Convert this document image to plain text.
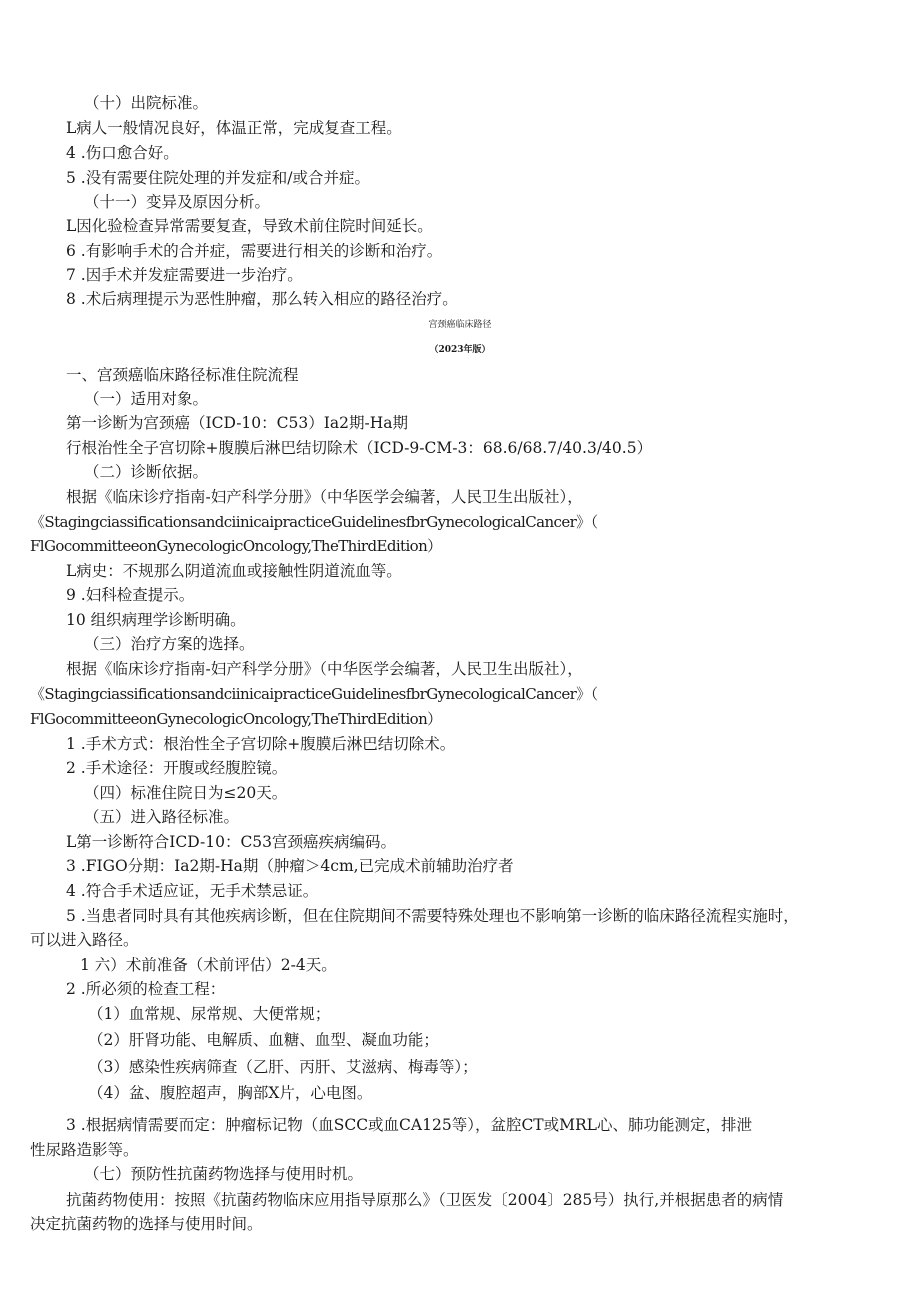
（十）出院标准。
L病人一般情况良好，体温正常，完成复查工程。
4 .伤口愈合好。
5 .没有需要住院处理的并发症和/或合并症。
（十一）变异及原因分析。
L因化验检查异常需要复查，导致术前住院时间延长。
6 .有影响手术的合并症，需要进行相关的诊断和治疗。
7 .因手术并发症需要进一步治疗。
8 .术后病理提示为恶性肿瘤，那么转入相应的路径治疗。
宫颈癌临床路径
（2023年版）
一、宫颈癌临床路径标准住院流程
（一）适用对象。
第一诊断为宫颈癌（ICD-10：C53）Ia2期-Ha期
行根治性全子宫切除+腹膜后淋巴结切除术（ICD-9-CM-3：68.6/68.7/40.3/40.5）
（二）诊断依据。
根据《临床诊疗指南-妇产科学分册》（中华医学会编著，人民卫生出版社），
《StagingciassificationsandciinicaipracticeGuidelinesfbrGynecologicalCancer》（
FlGocommitteeonGynecologicOncology,TheThirdEdition）
L病史：不规那么阴道流血或接触性阴道流血等。
9 .妇科检查提示。
10 组织病理学诊断明确。
（三）治疗方案的选择。
根据《临床诊疗指南-妇产科学分册》（中华医学会编著，人民卫生出版社），
《StagingciassificationsandciinicaipracticeGuidelinesfbrGynecologicalCancer》（
FlGocommitteeonGynecologicOncology,TheThirdEdition）
1 .手术方式：根治性全子宫切除+腹膜后淋巴结切除术。
2 .手术途径：开腹或经腹腔镜。
（四）标准住院日为≤20天。
（五）进入路径标准。
L第一诊断符合ICD-10：C53宫颈癌疾病编码。
3 .FIGO分期：Ia2期-Ha期（肿瘤＞4cm,已完成术前辅助治疗者
4 .符合手术适应证，无手术禁忌证。
5 .当患者同时具有其他疾病诊断，但在住院期间不需要特殊处理也不影响第一诊断的临床路径流程实施时，
可以进入路径。
1 六）术前准备（术前评估）2-4天。
2 .所必须的检查工程：
（1）血常规、尿常规、大便常规；
（2）肝肾功能、电解质、血糖、血型、凝血功能；
（3）感染性疾病筛查（乙肝、丙肝、艾滋病、梅毒等）；
（4）盆、腹腔超声，胸部X片，心电图。
3 .根据病情需要而定：肿瘤标记物（血SCC或血CA125等），盆腔CT或MRL心、肺功能测定，排泄
性尿路造影等。
（七）预防性抗菌药物选择与使用时机。
抗菌药物使用：按照《抗菌药物临床应用指导原那么》（卫医发〔2004〕285号）执行,并根据患者的病情
决定抗菌药物的选择与使用时间。
